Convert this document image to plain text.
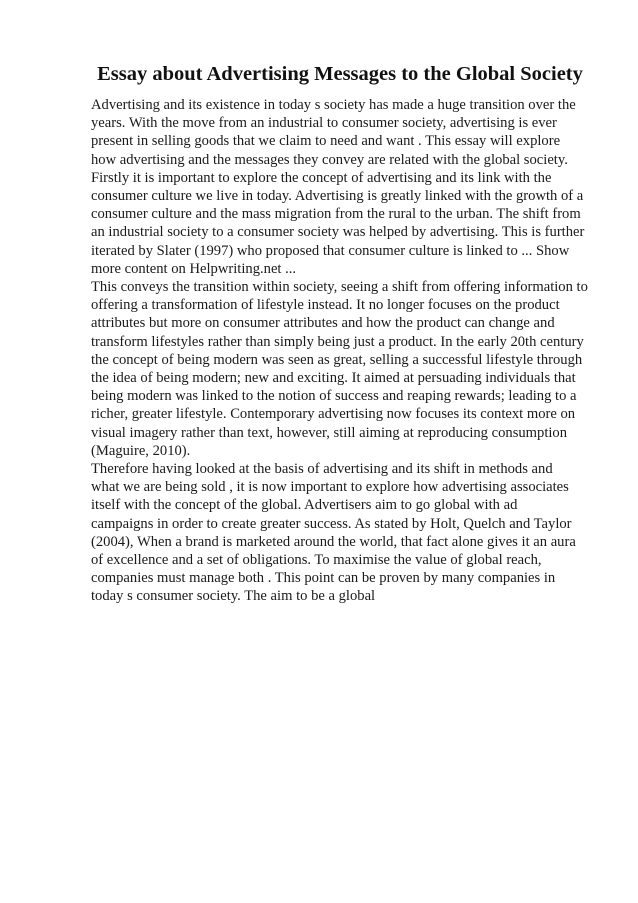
Essay about Advertising Messages to the Global Society
Advertising and its existence in today s society has made a huge transition over the
years. With the move from an industrial to consumer society, advertising is ever
present in selling goods that we claim to need and want . This essay will explore
how advertising and the messages they convey are related with the global society.
Firstly it is important to explore the concept of advertising and its link with the
consumer culture we live in today. Advertising is greatly linked with the growth of a
consumer culture and the mass migration from the rural to the urban. The shift from
an industrial society to a consumer society was helped by advertising. This is further
iterated by Slater (1997) who proposed that consumer culture is linked to ... Show
more content on Helpwriting.net ...
This conveys the transition within society, seeing a shift from offering information to
offering a transformation of lifestyle instead. It no longer focuses on the product
attributes but more on consumer attributes and how the product can change and
transform lifestyles rather than simply being just a product. In the early 20th century
the concept of being modern was seen as great, selling a successful lifestyle through
the idea of being modern; new and exciting. It aimed at persuading individuals that
being modern was linked to the notion of success and reaping rewards; leading to a
richer, greater lifestyle. Contemporary advertising now focuses its context more on
visual imagery rather than text, however, still aiming at reproducing consumption
(Maguire, 2010).
Therefore having looked at the basis of advertising and its shift in methods and
what we are being sold , it is now important to explore how advertising associates
itself with the concept of the global. Advertisers aim to go global with ad
campaigns in order to create greater success. As stated by Holt, Quelch and Taylor
(2004), When a brand is marketed around the world, that fact alone gives it an aura
of excellence and a set of obligations. To maximise the value of global reach,
companies must manage both . This point can be proven by many companies in
today s consumer society. The aim to be a global
